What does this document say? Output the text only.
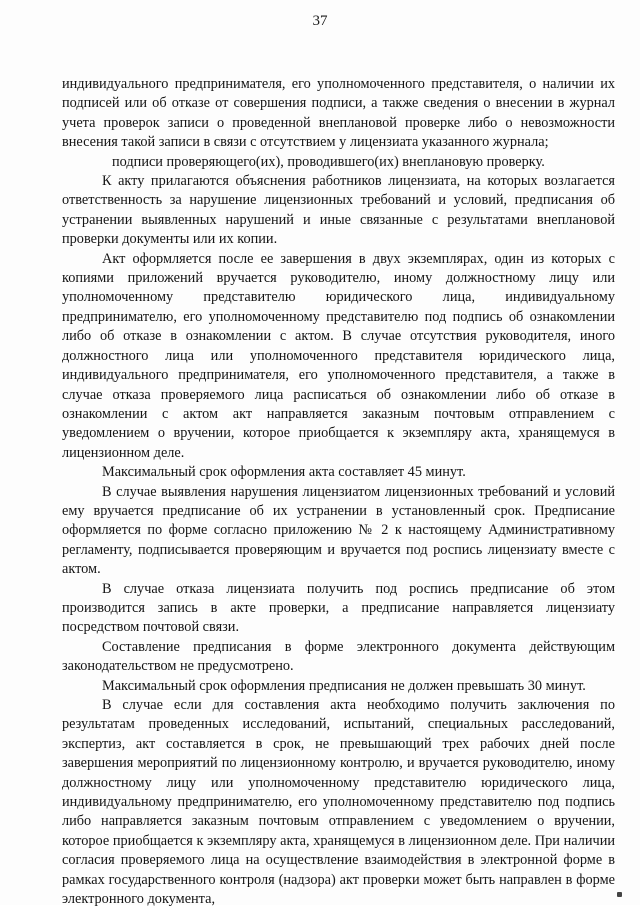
37

индивидуального предпринимателя, его уполномоченного представителя, о наличии их подписей или об отказе от совершения подписи, а также сведения о внесении в журнал учета проверок записи о проведенной внеплановой проверке либо о невозможности внесения такой записи в связи с отсутствием у лицензиата указанного журнала;

подписи проверяющего(их), проводившего(их) внеплановую проверку.

К акту прилагаются объяснения работников лицензиата, на которых возлагается ответственность за нарушение лицензионных требований и условий, предписания об устранении выявленных нарушений и иные связанные с результатами внеплановой проверки документы или их копии.

Акт оформляется после ее завершения в двух экземплярах, один из которых с копиями приложений вручается руководителю, иному должностному лицу или уполномоченному представителю юридического лица, индивидуальному предпринимателю, его уполномоченному представителю под подпись об ознакомлении либо об отказе в ознакомлении с актом. В случае отсутствия руководителя, иного должностного лица или уполномоченного представителя юридического лица, индивидуального предпринимателя, его уполномоченного представителя, а также в случае отказа проверяемого лица расписаться об ознакомлении либо об отказе в ознакомлении с актом акт направляется заказным почтовым отправлением с уведомлением о вручении, которое приобщается к экземпляру акта, хранящемуся в лицензионном деле.

Максимальный срок оформления акта составляет 45 минут.

В случае выявления нарушения лицензиатом лицензионных требований и условий ему вручается предписание об их устранении в установленный срок. Предписание оформляется по форме согласно приложению № 2 к настоящему Административному регламенту, подписывается проверяющим и вручается под роспись лицензиату вместе с актом.

В случае отказа лицензиата получить под роспись предписание об этом производится запись в акте проверки, а предписание направляется лицензиату посредством почтовой связи.

Составление предписания в форме электронного документа действующим законодательством не предусмотрено.

Максимальный срок оформления предписания не должен превышать 30 минут.

В случае если для составления акта необходимо получить заключения по результатам проведенных исследований, испытаний, специальных расследований, экспертиз, акт составляется в срок, не превышающий трех рабочих дней после завершения мероприятий по лицензионному контролю, и вручается руководителю, иному должностному лицу или уполномоченному представителю юридического лица, индивидуальному предпринимателю, его уполномоченному представителю под подпись либо направляется заказным почтовым отправлением с уведомлением о вручении, которое приобщается к экземпляру акта, хранящемуся в лицензионном деле. При наличии согласия проверяемого лица на осуществление взаимодействия в электронной форме в рамках государственного контроля (надзора) акт проверки может быть направлен в форме электронного документа,
